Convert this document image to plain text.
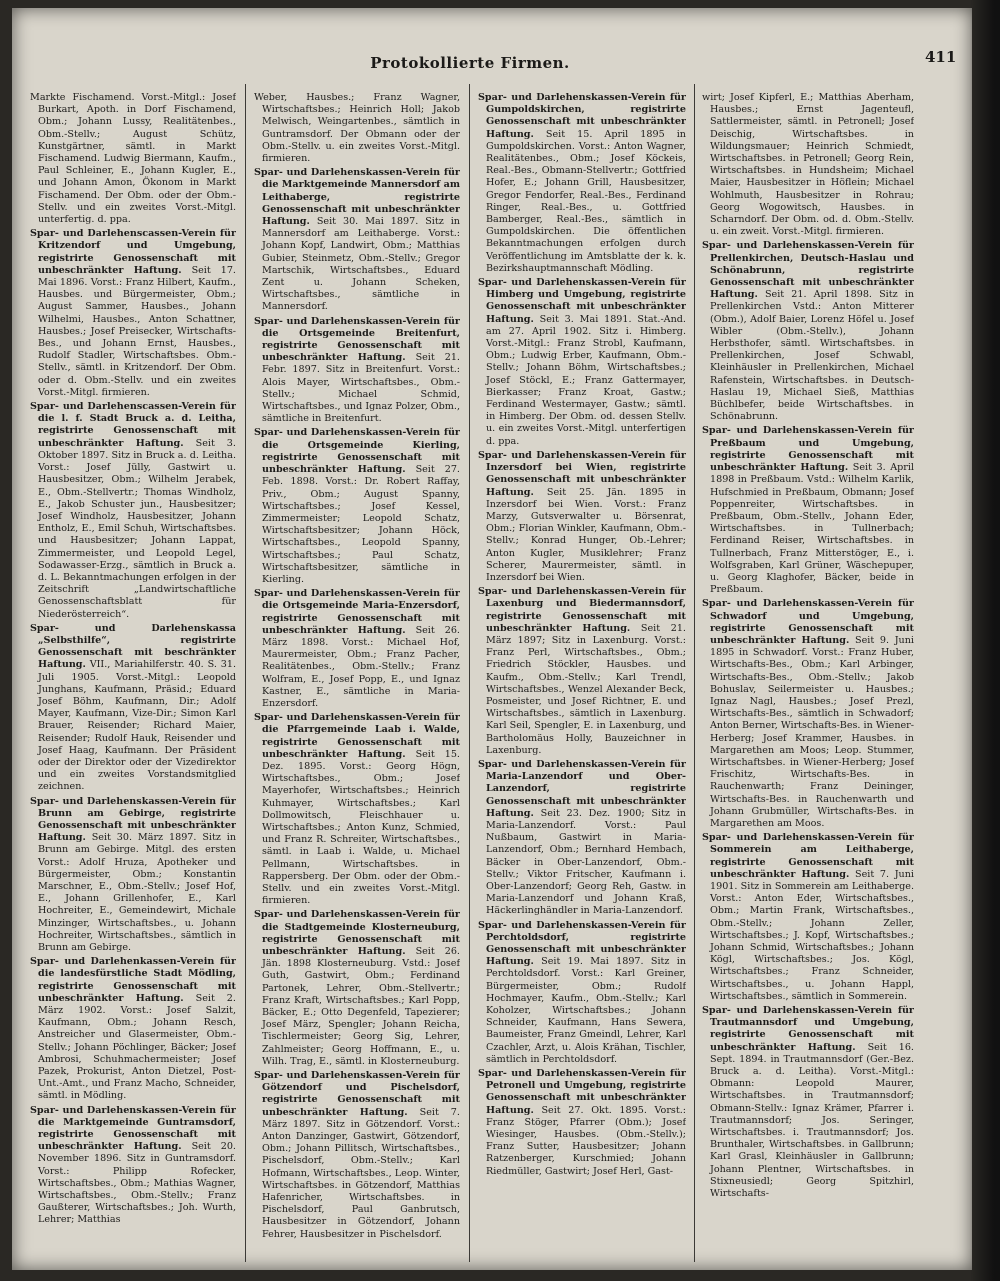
Protokollierte Firmen.	411

Markte Fischamend. Vorst.-Mitgl.: Josef Burkart, Apoth. in Dorf Fischamend, Obm.; Johann Lussy, Realitätenbes., Obm.-Stellv.; August Schütz, Kunstgärtner, sämtl. in Markt Fischamend. Ludwig Biermann, Kaufm., Paul Schleiner, E., Johann Kugler, E., und Johann Amon, Ökonom in Markt Fischamend. Der Obm. oder der Obm.-Stellv. und ein zweites Vorst.-Mitgl. unterfertig. d. ppa.

Spar- und Darlehenscassen-Verein für Kritzendorf und Umgebung, registrirte Genossenschaft mit unbeschränkter Haftung. Seit 17. Mai 1896. Vorst.: Franz Hilbert, Kaufm., Hausbes. und Bürgermeister, Obm.; August Sammer, Hausbes., Johann Wilhelmi, Hausbes., Anton Schattner, Hausbes.; Josef Preisecker, Wirtschafts-Bes., und Johann Ernst, Hausbes., Rudolf Stadler, Wirtschaftsbes. Obm.-Stellv., sämtl. in Kritzendorf. Der Obm. oder d. Obm.-Stellv. und ein zweites Vorst.-Mitgl. firmieren.

Spar- und Darlehenscassen-Verein für die l. f. Stadt Bruck a. d. Leitha, registrirte Genossenschaft mit unbeschränkter Haftung. Seit 3. Oktober 1897. Sitz in Bruck a. d. Leitha. Vorst.: Josef Jülly, Gastwirt u. Hausbesitzer, Obm.; Wilhelm Jerabek, E., Obm.-Stellvertr.; Thomas Windholz, E., Jakob Schuster jun., Hausbesitzer; Josef Windholz, Hausbesitzer, Johann Entholz, E., Emil Schuh, Wirtschaftsbes. und Hausbesitzer; Johann Lappat, Zimmermeister, und Leopold Legel, Sodawasser-Erzg., sämtlich in Bruck a. d. L. Bekanntmachungen erfolgen in der Zeitschrift „Landwirtschaftliche Genossenschaftsblatt für Niederösterreich“.

Spar- und Darlehenskassa „Selbsthilfe“, registrirte Genossenschaft mit beschränkter Haftung. VII., Mariahilferstr. 40. S. 31. Juli 1905. Vorst.-Mitgl.: Leopold Junghans, Kaufmann, Präsid.; Eduard Josef Böhm, Kaufmann, Dir.; Adolf Mayer, Kaufmann, Vize-Dir.; Simon Karl Brauer, Reisender; Richard Maier, Reisender; Rudolf Hauk, Reisender und Josef Haag, Kaufmann. Der Präsident oder der Direktor oder der Vizedirektor und ein zweites Vorstandsmitglied zeichnen.

Spar- und Darlehenskassen-Verein für Brunn am Gebirge, registrirte Genossenschaft mit unbeschränkter Haftung. Seit 30. März 1897. Sitz in Brunn am Gebirge. Mitgl. des ersten Vorst.: Adolf Hruza, Apotheker und Bürgermeister, Obm.; Konstantin Marschner, E., Obm.-Stellv.; Josef Hof, E., Johann Grillenhofer, E., Karl Hochreiter, E., Gemeindewirt, Michale Minzinger, Wirtschaftsbes., u. Johann Hochreiter, Wirtschaftsbes., sämtlich in Brunn am Gebirge.

Spar- und Darlehenkassen-Verein für die landesfürstliche Stadt Mödling, registrirte Genossenschaft mit unbeschränkter Haftung. Seit 2. März 1902. Vorst.: Josef Salzit, Kaufmann, Obm.; Johann Resch, Anstreicher und Glasermeister, Obm.-Stellv.; Johann Pöchlinger, Bäcker; Josef Ambrosi, Schuhmachermeister; Josef Pazek, Prokurist, Anton Dietzel, Post-Unt.-Amt., und Franz Macho, Schneider, sämtl. in Mödling.

Spar- und Darlehenskassen-Verein für die Marktgemeinde Guntramsdorf, registrirte Genossenschaft mit unbeschränkter Haftung. Seit 20. November 1896. Sitz in Guntramsdorf. Vorst.: Philipp Rofecker, Wirtschaftsbes., Obm.; Mathias Wagner, Wirtschaftsbes., Obm.-Stellv.; Franz Gaußterer, Wirtschaftsbes.; Joh. Wurth, Lehrer; Matthias

Weber, Hausbes.; Franz Wagner, Wirtschaftsbes.; Heinrich Holl; Jakob Melwisch, Weingartenbes., sämtlich in Guntramsdorf. Der Obmann oder der Obm.-Stellv. u. ein zweites Vorst.-Mitgl. firmieren.

Spar- und Darlehenskassen-Verein für die Marktgemeinde Mannersdorf am Leithaberge, registrirte Genossenschaft mit unbeschränkter Haftung. Seit 30. Mai 1897. Sitz in Mannersdorf am Leithaberge. Vorst.: Johann Kopf, Landwirt, Obm.; Matthias Gubier, Steinmetz, Obm.-Stellv.; Gregor Martschik, Wirtschaftsbes., Eduard Zent u. Johann Scheken, Wirtschaftsbes., sämtliche in Mannersdorf.

Spar- und Darlehenskassen-Verein für die Ortsgemeinde Breitenfurt, registrirte Genossenschaft mit unbeschränkter Haftung. Seit 21. Febr. 1897. Sitz in Breitenfurt. Vorst.: Alois Mayer, Wirtschaftsbes., Obm.-Stellv.; Michael Schmid, Wirtschaftsbes., und Ignaz Polzer, Obm., sämtliche in Breitenfurt.

Spar- und Darlehenskassen-Verein für die Ortsgemeinde Kierling, registrirte Genossenschaft mit unbeschränkter Haftung. Seit 27. Feb. 1898. Vorst.: Dr. Robert Raffay, Priv., Obm.; August Spanny, Wirtschaftsbes.; Josef Kessel, Zimmermeister; Leopold Schatz, Wirtschaftsbesitzer; Johann Höck, Wirtschaftsbes., Leopold Spanny, Wirtschaftsbes.; Paul Schatz, Wirtschaftsbesitzer, sämtliche in Kierling.

Spar- und Darlehenskassen-Verein für die Ortsgemeinde Maria-Enzersdorf, registrirte Genossenschaft mit unbeschränkter Haftung. Seit 26. März 1898. Vorst.: Michael Hof, Maurermeister, Obm.; Franz Pacher, Realitätenbes., Obm.-Stellv.; Franz Wolfram, E., Josef Popp, E., und Ignaz Kastner, E., sämtliche in Maria-Enzersdorf.

Spar- und Darlehenskassen-Verein für die Pfarrgemeinde Laab i. Walde, registrirte Genossenschaft mit unbeschränkter Haftung. Seit 15. Dez. 1895. Vorst.: Georg Högn, Wirtschaftsbes., Obm.; Josef Mayerhofer, Wirtschaftsbes.; Heinrich Kuhmayer, Wirtschaftsbes.; Karl Dollmowitsch, Fleischhauer u. Wirtschaftsbes.; Anton Kunz, Schmied, und Franz R. Schreiter, Wirtschaftsbes., sämtl. in Laab i. Walde, u. Michael Pellmann, Wirtschaftsbes. in Rappersberg. Der Obm. oder der Obm.-Stellv. und ein zweites Vorst.-Mitgl. firmieren.

Spar- und Darlehenskassen-Verein für die Stadtgemeinde Klosterneuburg, registrirte Genossenschaft mit unbeschränkter Haftung. Seit 26. Jän. 1898 Klosterneuburg. Vstd.: Josef Guth, Gastwirt, Obm.; Ferdinand Partonek, Lehrer, Obm.-Stellvertr.; Franz Kraft, Wirtschaftsbes.; Karl Popp, Bäcker, E.; Otto Degenfeld, Tapezierer; Josef März, Spengler; Johann Reicha, Tischlermeister; Georg Sig, Lehrer, Zahlmeister; Georg Hoffmann, E., u. Wilh. Trag, E., sämtl. in Klosterneuburg.

Spar- und Darlehenskassen-Verein für Götzendorf und Pischelsdorf, registrirte Genossenschaft mit unbeschränkter Haftung. Seit 7. März 1897. Sitz in Götzendorf. Vorst.: Anton Danzinger, Gastwirt, Götzendorf, Obm.; Johann Pillitsch, Wirtschaftsbes., Pischelsdorf, Obm.-Stellv.; Karl Hofmann, Wirtschaftsbes., Leop. Winter, Wirtschaftsbes. in Götzendorf, Matthias Hafenricher, Wirtschaftsbes. in Pischelsdorf, Paul Ganbrutsch, Hausbesitzer in Götzendorf, Johann Fehrer, Hausbesitzer in Pischelsdorf.

Spar- und Darlehenskassen-Verein für Gumpoldskirchen, registrirte Genossenschaft mit unbeschränkter Haftung. Seit 15. April 1895 in Gumpoldskirchen. Vorst.: Anton Wagner, Realitätenbes., Obm.; Josef Köckeis, Real.-Bes., Obmann-Stellvertr.; Gottfried Hofer, E.; Johann Grill, Hausbesitzer, Gregor Fendorfer, Real.-Bes., Ferdinand Ringer, Real.-Bes., u. Gottfried Bamberger, Real.-Bes., sämtlich in Gumpoldskirchen. Die öffentlichen Bekanntmachungen erfolgen durch Veröffentlichung im Amtsblatte der k. k. Bezirkshauptmannschaft Mödling.

Spar- und Darlehenskassen-Verein für Himberg und Umgebung, registrirte Genossenschaft mit unbeschränkter Haftung. Seit 3. Mai 1891. Stat.-And. am 27. April 1902. Sitz i. Himberg. Vorst.-Mitgl.: Franz Strobl, Kaufmann, Obm.; Ludwig Erber, Kaufmann, Obm.-Stellv.; Johann Böhm, Wirtschaftsbes.; Josef Stöckl, E.; Franz Gattermayer, Bierkasser; Franz Kroat, Gastw.; Ferdinand Westermayer, Gastw.; sämtl. in Himberg. Der Obm. od. dessen Stellv. u. ein zweites Vorst.-Mitgl. unterfertigen d. ppa.

Spar- und Darlehenskassen-Verein für Inzersdorf bei Wien, registrirte Genossenschaft mit unbeschränkter Haftung. Seit 25. Jän. 1895 in Inzersdorf bei Wien. Vorst.: Franz Marzy, Gutsverwalter u. Börsenrat, Obm.; Florian Winkler, Kaufmann, Obm.-Stellv.; Konrad Hunger, Ob.-Lehrer; Anton Kugler, Musiklehrer; Franz Scherer, Maurermeister, sämtl. in Inzersdorf bei Wien.

Spar- und Darlehenskassen-Verein für Laxenburg und Biedermannsdorf, registrirte Genossenschaft mit unbeschränkter Haftung. Seit 21. März 1897; Sitz in Laxenburg. Vorst.: Franz Perl, Wirtschaftsbes., Obm.; Friedrich Stöckler, Hausbes. und Kaufm., Obm.-Stellv.; Karl Trendl, Wirtschaftsbes., Wenzel Alexander Beck, Posmeister, und Josef Richtner, E. und Wirtschaftsbes., sämtlich in Laxenburg. Karl Seil, Spengler, E. in Laxenburg, und Bartholomäus Holly, Bauzeichner in Laxenburg.

Spar- und Darlehenskassen-Verein für Maria-Lanzendorf und Ober-Lanzendorf, registrirte Genossenschaft mit unbeschränkter Haftung. Seit 23. Dez. 1900; Sitz in Maria-Lanzendorf. Vorst.: Paul Nußbaum, Gastwirt in Maria-Lanzendorf, Obm.; Bernhard Hembach, Bäcker in Ober-Lanzendorf, Obm.-Stellv.; Viktor Fritscher, Kaufmann i. Ober-Lanzendorf; Georg Reh, Gastw. in Maria-Lanzendorf und Johann Kraß, Häckerlinghändler in Maria-Lanzendorf.

Spar- und Darlehenskassen-Verein für Perchtoldsdorf, registrirte Genossenschaft mit unbeschränkter Haftung. Seit 19. Mai 1897. Sitz in Perchtoldsdorf. Vorst.: Karl Greiner, Bürgermeister, Obm.; Rudolf Hochmayer, Kaufm., Obm.-Stellv.; Karl Koholzer, Wirtschaftsbes.; Johann Schneider, Kaufmann, Hans Sewera, Baumeister, Franz Gmeindl, Lehrer, Karl Czachler, Arzt, u. Alois Krähan, Tischler, sämtlich in Perchtoldsdorf.

Spar- und Darlehenskassen-Verein für Petronell und Umgebung, registrirte Genossenschaft mit unbeschränkter Haftung. Seit 27. Okt. 1895. Vorst.: Franz Stöger, Pfarrer (Obm.); Josef Wiesinger, Hausbes. (Obm.-Stellv.); Franz Sutter, Hausbesitzer; Johann Ratzenberger, Kurschmied; Johann Riedmüller, Gastwirt; Josef Herl, Gast-

wirt; Josef Kipferl, E.; Matthias Aberham, Hausbes.; Ernst Jagenteufl, Sattlermeister, sämtl. in Petronell; Josef Deischig, Wirtschaftsbes. in Wildungsmauer; Heinrich Schmiedt, Wirtschaftsbes. in Petronell; Georg Rein, Wirtschaftsbes. in Hundsheim; Michael Maier, Hausbesitzer in Höflein; Michael Wohlmuth, Hausbesitzer in Rohrau; Georg Wogowitsch, Hausbes. in Scharndorf. Der Obm. od. d. Obm.-Stellv. u. ein zweit. Vorst.-Mitgl. firmieren.

Spar- und Darlehenskassen-Verein für Prellenkirchen, Deutsch-Haslau und Schönabrunn, registrirte Genossenschaft mit unbeschränkter Haftung. Seit 21. April 1898. Sitz in Prellenkirchen Vstd.: Anton Mitterer (Obm.), Adolf Baier, Lorenz Höfel u. Josef Wibler (Obm.-Stellv.), Johann Herbsthofer, sämtl. Wirtschaftsbes. in Prellenkirchen, Josef Schwabl, Kleinhäusler in Prellenkirchen, Michael Rafenstein, Wirtschaftsbes. in Deutsch-Haslau 19, Michael Sieß, Matthias Büchlbefer, beide Wirtschaftsbes. in Schönabrunn.

Spar- und Darlehenskassen-Verein für Preßbaum und Umgebung, registrirte Genossenschaft mit unbeschränkter Haftung. Seit 3. April 1898 in Preßbaum. Vstd.: Wilhelm Karlik, Hufschmied in Preßbaum, Obmann; Josef Poppenreiter, Wirtschaftsbes. in Preßbaum, Obm.-Stellv., Johann Eder, Wirtschaftsbes. in Tullnerbach; Ferdinand Reiser, Wirtschaftsbes. in Tullnerbach, Franz Mitterstöger, E., i. Wolfsgraben, Karl Grüner, Wäschepuper, u. Georg Klaghofer, Bäcker, beide in Preßbaum.

Spar- und Darlehenskassen-Verein für Schwadorf und Umgebung, registrirte Genossenschaft mit unbeschränkter Haftung. Seit 9. Juni 1895 in Schwadorf. Vorst.: Franz Huber, Wirtschafts-Bes., Obm.; Karl Arbinger, Wirtschafts-Bes., Obm.-Stellv.; Jakob Bohuslav, Seilermeister u. Hausbes.; Ignaz Nagl, Hausbes.; Josef Prezl, Wirtschafts-Bes., sämtlich in Schwadorf; Anton Berner, Wirtschafts-Bes. in Wiener-Herberg; Josef Krammer, Hausbes. in Margarethen am Moos; Leop. Stummer, Wirtschaftsbes. in Wiener-Herberg; Josef Frischitz, Wirtschafts-Bes. in Rauchenwarth; Franz Deininger, Wirtschafts-Bes. in Rauchenwarth und Johann Grubmüller, Wirtschafts-Bes. in Margarethen am Moos.

Spar- und Darlehenskassen-Verein für Sommerein am Leithaberge, registrirte Genossenschaft mit unbeschränkter Haftung. Seit 7. Juni 1901. Sitz in Sommerein am Leithaberge. Vorst.: Anton Eder, Wirtschaftsbes., Obm.; Martin Frank, Wirtschaftsbes., Obm.-Stellv.; Johann Zeller, Wirtschaftsbes.; J. Kopf, Wirtschaftsbes.; Johann Schmid, Wirtschaftsbes.; Johann Kögl, Wirtschaftsbes.; Jos. Kögl, Wirtschaftsbes.; Franz Schneider, Wirtschaftsbes., u. Johann Happl, Wirtschaftsbes., sämtlich in Sommerein.

Spar- und Darlehenskassen-Verein für Trautmannsdorf und Umgebung, registrirte Genossenschaft mit unbeschränkter Haftung. Seit 16. Sept. 1894. in Trautmannsdorf (Ger.-Bez. Bruck a. d. Leitha). Vorst.-Mitgl.: Obmann: Leopold Maurer, Wirtschaftsbes. in Trautmannsdorf; Obmann-Stellv.: Ignaz Krämer, Pfarrer i. Trautmannsdorf; Jos. Seringer, Wirtschaftsbes. i. Trautmannsdorf; Jos. Brunthaler, Wirtschaftsbes. in Gallbrunn; Karl Grasl, Kleinhäusler in Gallbrunn; Johann Plentner, Wirtschaftsbes. in Stixneusiedl; Georg Spitzhirl, Wirtschafts-
